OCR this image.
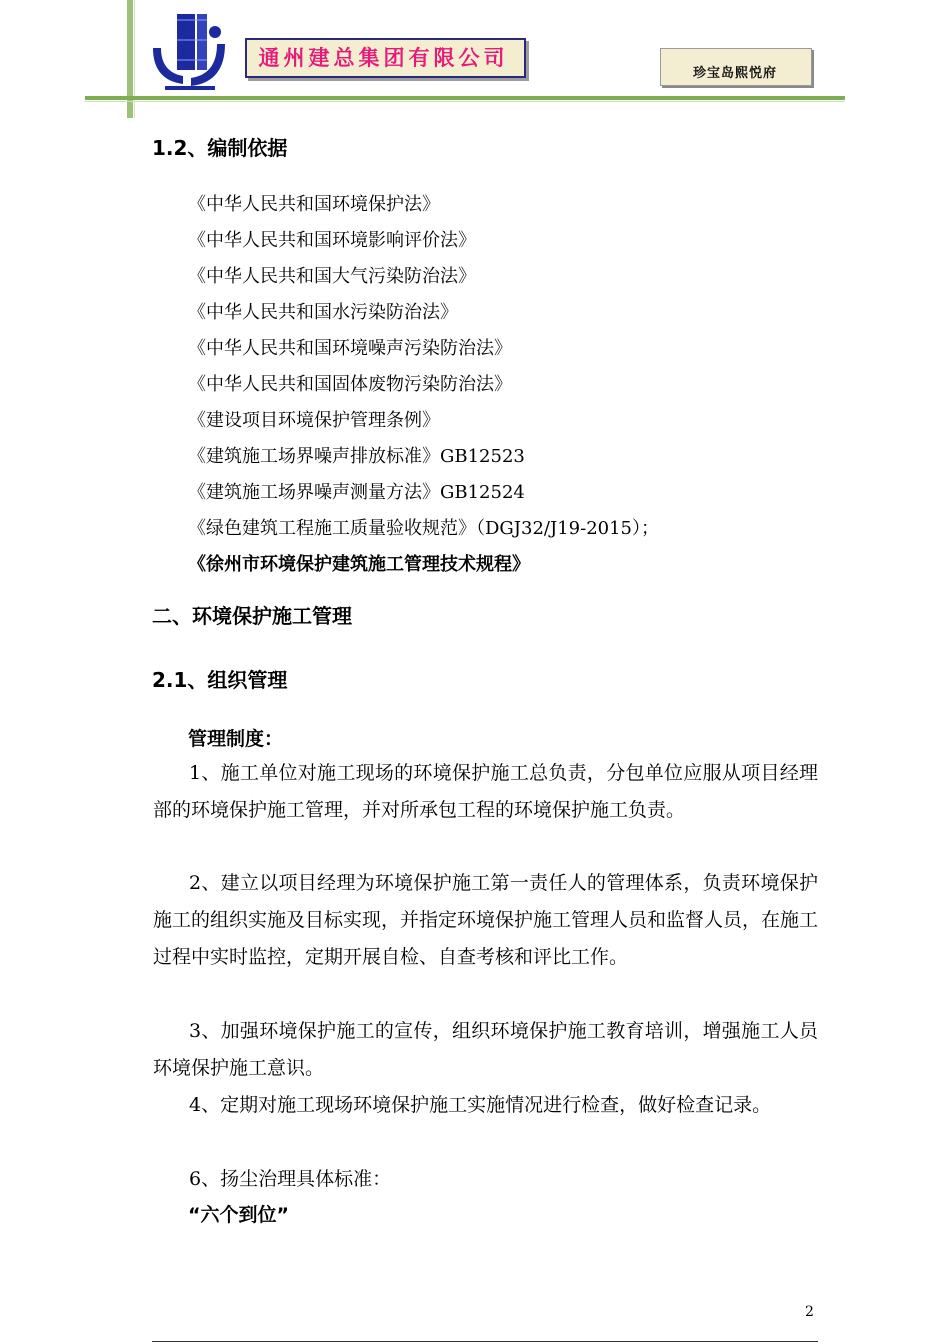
通州建总集团有限公司
珍宝岛熙悦府
1.2、编制依据
《中华人民共和国环境保护法》
《中华人民共和国环境影响评价法》
《中华人民共和国大气污染防治法》
《中华人民共和国水污染防治法》
《中华人民共和国环境噪声污染防治法》
《中华人民共和国固体废物污染防治法》
《建设项目环境保护管理条例》
《建筑施工场界噪声排放标准》GB12523
《建筑施工场界噪声测量方法》GB12524
《绿色建筑工程施工质量验收规范》（DGJ32/J19-2015）；
《徐州市环境保护建筑施工管理技术规程》
二、环境保护施工管理
2.1、组织管理
管理制度：
1、施工单位对施工现场的环境保护施工总负责，分包单位应服从项目经理部的环境保护施工管理，并对所承包工程的环境保护施工负责。
2、建立以项目经理为环境保护施工第一责任人的管理体系，负责环境保护施工的组织实施及目标实现，并指定环境保护施工管理人员和监督人员，在施工过程中实时监控，定期开展自检、自查考核和评比工作。
3、加强环境保护施工的宣传，组织环境保护施工教育培训，增强施工人员环境保护施工意识。
4、定期对施工现场环境保护施工实施情况进行检查，做好检查记录。
6、扬尘治理具体标准：
“六个到位”
2
